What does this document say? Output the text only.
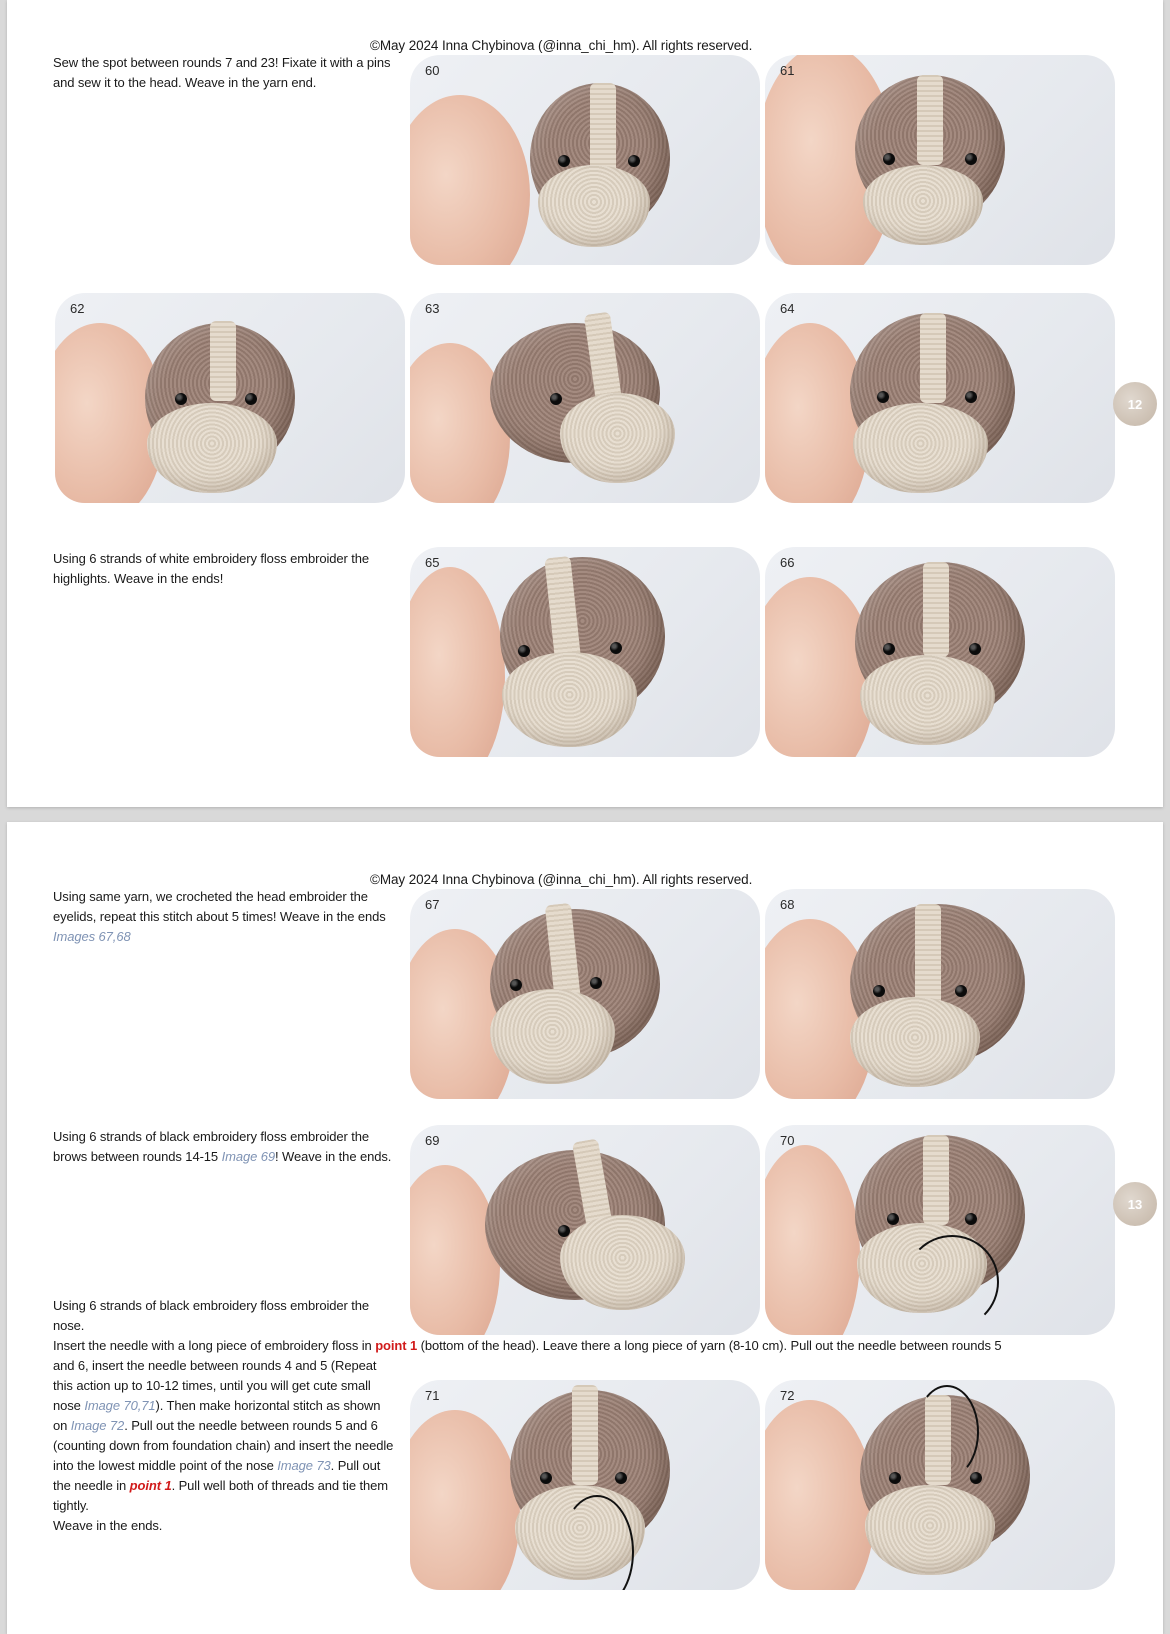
©May 2024 Inna Chybinova (@inna_chi_hm). All rights reserved.
Sew the spot between rounds 7 and 23! Fixate it with a pins and sew it to the head. Weave in the yarn end.
60	61
62	63	64
12
Using 6 strands of white embroidery floss embroider the highlights. Weave in the ends!
65	66
©May 2024 Inna Chybinova (@inna_chi_hm). All rights reserved.
Using same yarn, we crocheted the head embroider the eyelids, repeat this stitch about 5 times! Weave in the ends Images 67,68
67	68
Using 6 strands of black embroidery floss embroider the brows between rounds 14-15 Image 69! Weave in the ends.
69	70
13
Using 6 strands of black embroidery floss embroider the nose.
Insert the needle with a long piece of embroidery floss in point 1 (bottom of the head). Leave there a long piece of yarn (8-10 cm). Pull out the needle between rounds 5
and 6, insert the needle between rounds 4 and 5 (Repeat this action up to 10-12 times, until you will get cute small nose Image 70,71). Then make horizontal stitch as shown on Image 72. Pull out the needle between rounds 5 and 6 (counting down from foundation chain) and insert the needle into the lowest middle point of the nose Image 73. Pull out the needle in point 1. Pull well both of threads and tie them tightly.
Weave in the ends.
71	72
